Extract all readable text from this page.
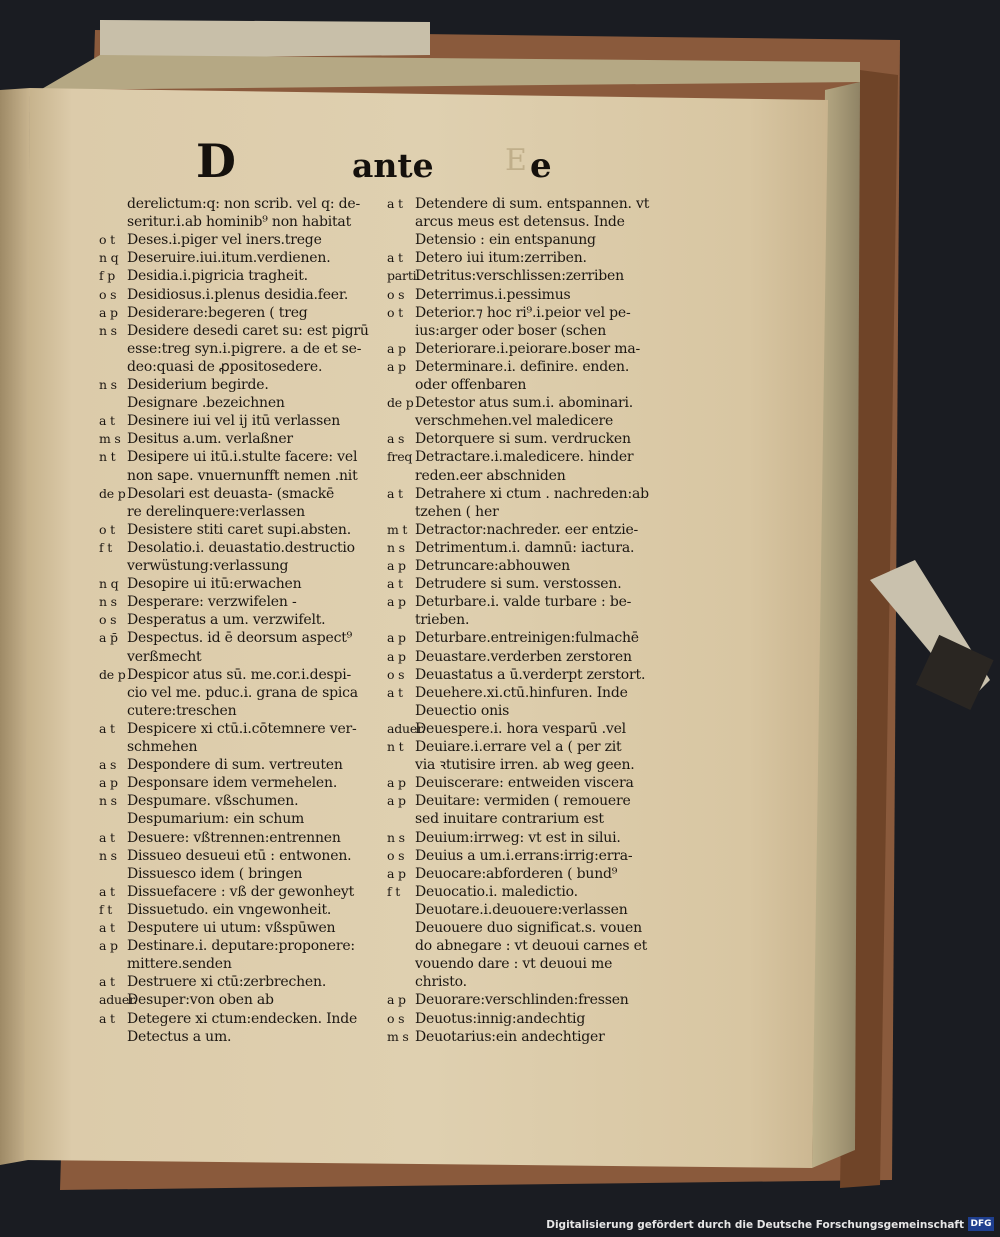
E
D	ante	e
derelictum:q: non scrib. vel q: de-
seritur.i.ab hominib⁹ non habitat
o t Deses.i.piger vel iners.trege
n q Deseruire.iui.itum.verdienen.
f p Desidia.i.pigricia tragheit.
o s Desidiosus.i.plenus desidia.feer.
a p Desiderare:begeren ( treg
n s Desidere desedi caret su: est pigrū
esse:treg syn.i.pigrere. a de et se-
deo:quasi de ꝓpositosedere.
n s Desiderium begirde.
Designare .bezeichnen
a t Desinere iui vel ij itū verlassen
m s Desitus a.um. verlaßner
n t Desipere ui itū.i.stulte facere: vel
non sape. vnuernunfft nemen .nit
de pDesolari est deuasta- (smackē
re derelinquere:verlassen
o t Desistere stiti caret supi.absten.
f t Desolatio.i. deuastatio.destructio
verwüstung:verlassung
n q Desopire ui itū:erwachen
n s Desperare: verzwifelen -
o s Desperatus a um. verzwifelt.
a p̄ Despectus. id ē deorsum aspect⁹
verßmecht
de pDespicor atus sū. me.cor.i.despi-
cio vel me. pduc.i. grana de spica
cutere:treschen
a t Despicere xi ctū.i.cōtemnere ver-
schmehen
a s Despondere di sum. vertreuten
a p Desponsare idem vermehelen.
n s Despumare. vßschumen.
Despumarium: ein schum
a t Desuere: vßtrennen:entrennen
n s Dissueo desueui etū : entwonen.
Dissuesco idem ( bringen
a t Dissuefacere : vß der gewonheyt
f t Dissuetudo. ein vngewonheit.
a t Desputere ui utum: vßspūwen
a p Destinare.i. deputare:proponere:
mittere.senden
a t Destruere xi ctū:zerbrechen.
aduer.Desuper:von oben ab
a t Detegere xi ctum:endecken. Inde
Detectus a um.
a t Detendere di sum. entspannen. vt
arcus meus est detensus. Inde
Detensio : ein entspanung
a t Detero iui itum:zerriben.
parti.Detritus:verschlissen:zerriben
o s Deterrimus.i.pessimus
o t Deterior.⁊ hoc ri⁹.i.peior vel pe-
ius:arger oder boser (schen
a p Deteriorare.i.peiorare.boser ma-
a p Determinare.i. definire. enden.
oder offenbaren
de pDetestor atus sum.i. abominari.
verschmehen.vel maledicere
a s Detorquere si sum. verdrucken
freq Detractare.i.maledicere. hinder
reden.eer abschniden
a t Detrahere xi ctum . nachreden:ab
tzehen ( her
m t Detractor:nachreder. eer entzie-
n s Detrimentum.i. damnū: iactura.
a p Detruncare:abhouwen
a t Detrudere si sum. verstossen.
a p Deturbare.i. valde turbare : be-
trieben.
a p Deturbare.entreinigen:fulmachē
a p Deuastare.verderben zerstoren
o s Deuastatus a ū.verderpt zerstort.
a t Deuehere.xi.ctū.hinfuren. Inde
Deuectio onis
aduer.Deuespere.i. hora vesparū .vel
n t Deuiare.i.errare vel a ( per zit
via ꝛtutisire irren. ab weg geen.
a p Deuiscerare: entweiden viscera
a p Deuitare: vermiden ( remouere
sed inuitare contrarium est
n s Deuium:irrweg: vt est in silui.
o s Deuius a um.i.errans:irrig:erra-
a p Deuocare:abforderen ( bund⁹
f t Deuocatio.i. maledictio.
Deuotare.i.deuouere:verlassen
Deuouere duo significat.s. vouen
do abnegare : vt deuoui carnes et
vouendo dare : vt deuoui me
christo.
a p Deuorare:verschlinden:fressen
o s Deuotus:innig:andechtig
m s Deuotarius:ein andechtiger
Digitalisierung gefördert durch die Deutsche Forschungsgemeinschaft DFG
